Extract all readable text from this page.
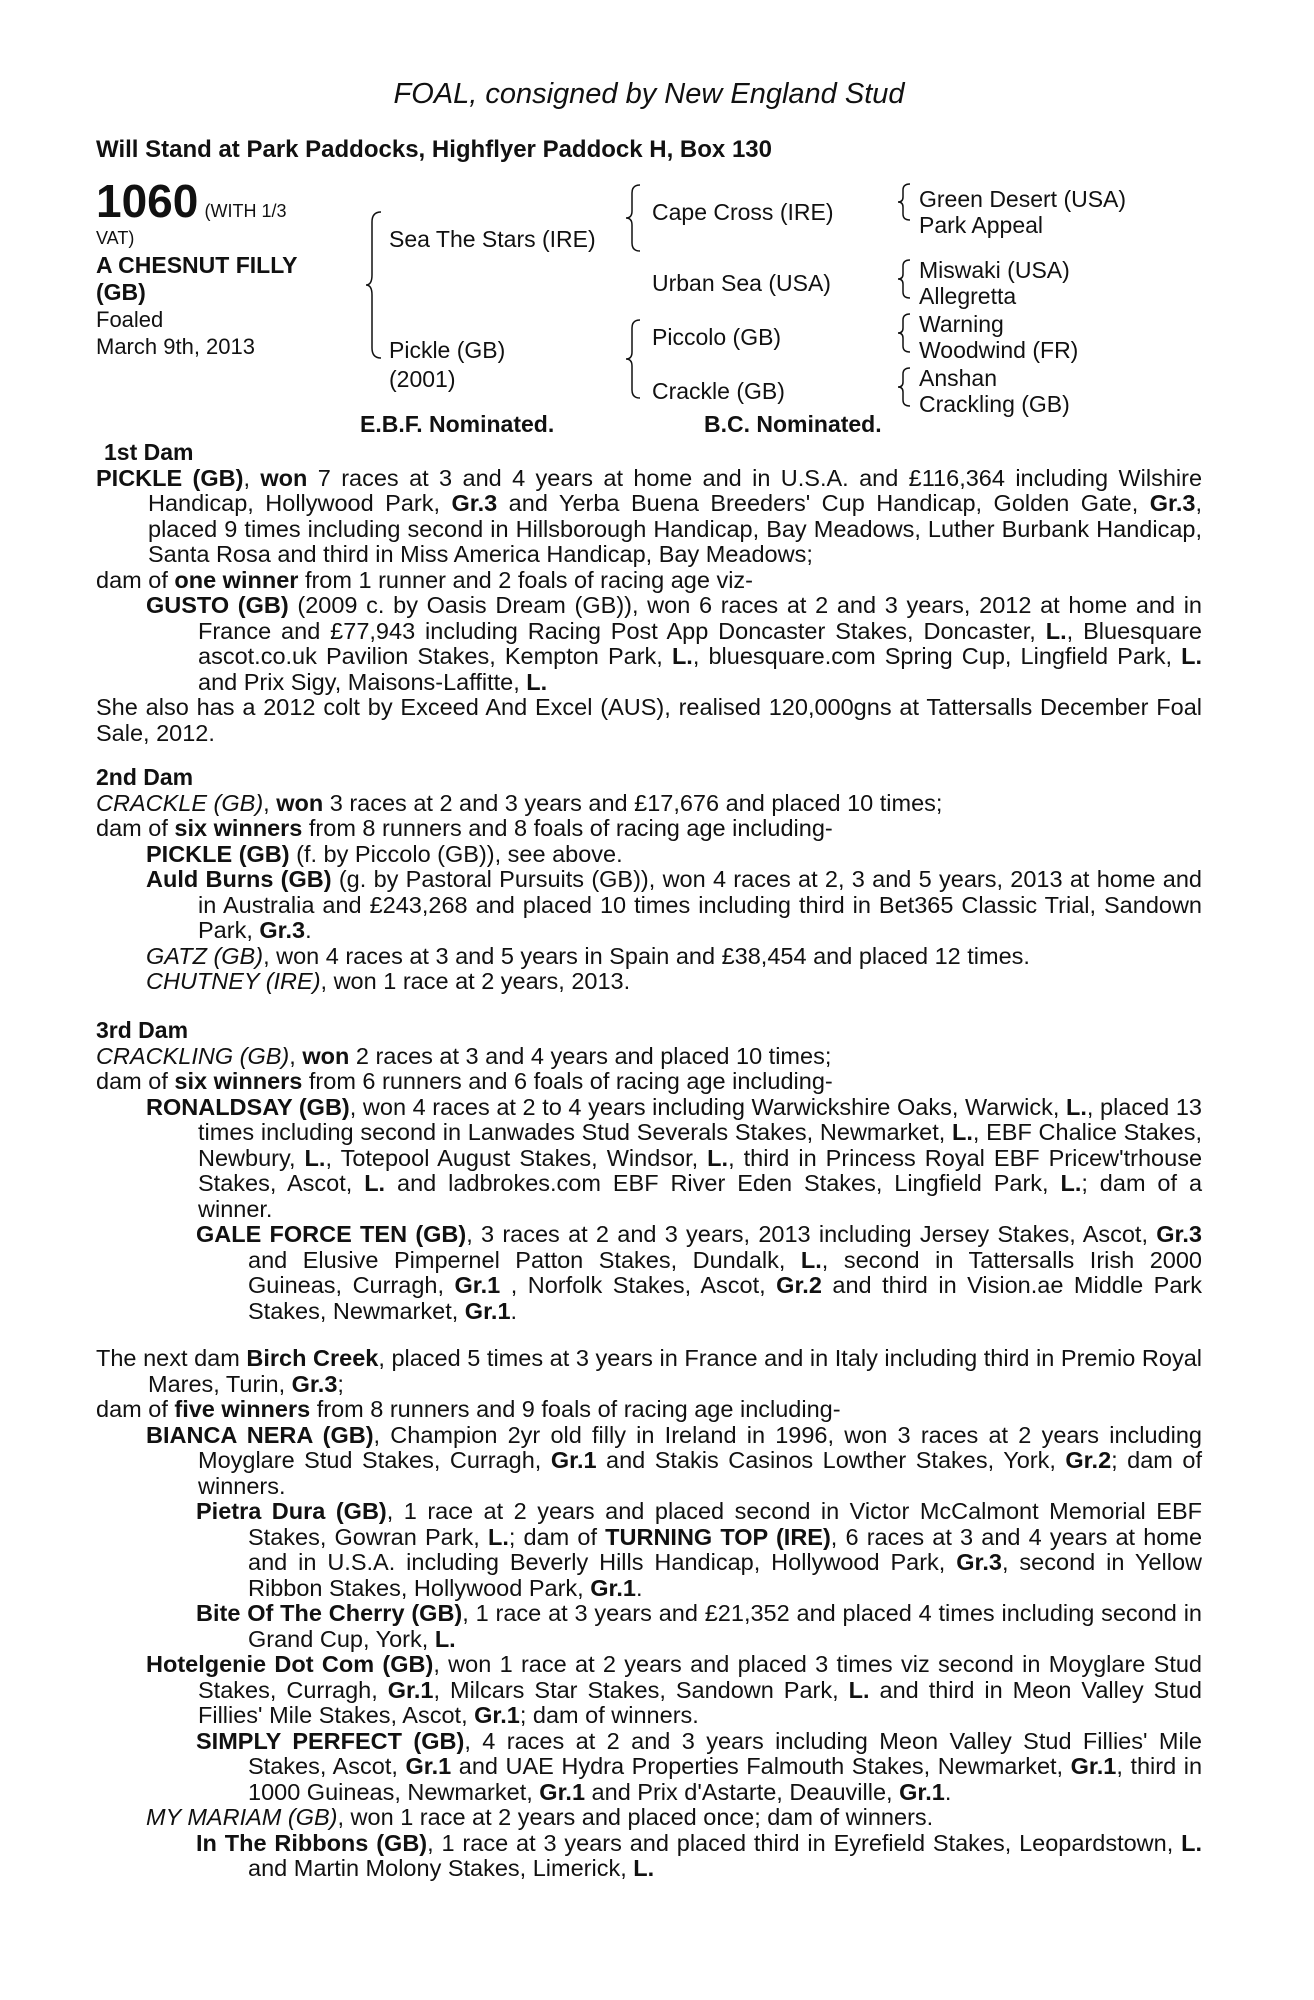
FOAL, consigned by New England Stud
Will Stand at Park Paddocks, Highflyer Paddock H, Box 130
1060 (WITH 1/3
VAT)
A CHESNUT FILLY
(GB)
Foaled
March 9th, 2013
Sea The Stars (IRE)
Pickle (GB)
(2001)
Cape Cross (IRE)
Urban Sea (USA)
Piccolo (GB)
Crackle (GB)
Green Desert (USA)
Park Appeal
Miswaki (USA)
Allegretta
Warning
Woodwind (FR)
Anshan
Crackling (GB)
E.B.F. Nominated.	B.C. Nominated.
1st Dam

PICKLE (GB), won 7 races at 3 and 4 years at home and in U.S.A. and £116,364 including Wilshire Handicap, Hollywood Park, Gr.3 and Yerba Buena Breeders' Cup Handicap, Golden Gate, Gr.3, placed 9 times including second in Hillsborough Handicap, Bay Meadows, Luther Burbank Handicap, Santa Rosa and third in Miss America Handicap, Bay Meadows;

dam of one winner from 1 runner and 2 foals of racing age viz-

GUSTO (GB) (2009 c. by Oasis Dream (GB)), won 6 races at 2 and 3 years, 2012 at home and in France and £77,943 including Racing Post App Doncaster Stakes, Doncaster, L., Bluesquare ascot.co.uk Pavilion Stakes, Kempton Park, L., bluesquare.com Spring Cup, Lingfield Park, L. and Prix Sigy, Maisons-Laffitte, L.

She also has a 2012 colt by Exceed And Excel (AUS), realised 120,000gns at Tattersalls December Foal Sale, 2012.

2nd Dam

CRACKLE (GB), won 3 races at 2 and 3 years and £17,676 and placed 10 times;

dam of six winners from 8 runners and 8 foals of racing age including-

PICKLE (GB) (f. by Piccolo (GB)), see above.

Auld Burns (GB) (g. by Pastoral Pursuits (GB)), won 4 races at 2, 3 and 5 years, 2013 at home and in Australia and £243,268 and placed 10 times including third in Bet365 Classic Trial, Sandown Park, Gr.3.

GATZ (GB), won 4 races at 3 and 5 years in Spain and £38,454 and placed 12 times.

CHUTNEY (IRE), won 1 race at 2 years, 2013.

3rd Dam

CRACKLING (GB), won 2 races at 3 and 4 years and placed 10 times;

dam of six winners from 6 runners and 6 foals of racing age including-

RONALDSAY (GB), won 4 races at 2 to 4 years including Warwickshire Oaks, Warwick, L., placed 13 times including second in Lanwades Stud Severals Stakes, Newmarket, L., EBF Chalice Stakes, Newbury, L., Totepool August Stakes, Windsor, L., third in Princess Royal EBF Pricew'trhouse Stakes, Ascot, L. and ladbrokes.com EBF River Eden Stakes, Lingfield Park, L.; dam of a winner.

GALE FORCE TEN (GB), 3 races at 2 and 3 years, 2013 including Jersey Stakes, Ascot, Gr.3 and Elusive Pimpernel Patton Stakes, Dundalk, L., second in Tattersalls Irish 2000 Guineas, Curragh, Gr.1 , Norfolk Stakes, Ascot, Gr.2 and third in Vision.ae Middle Park Stakes, Newmarket, Gr.1.

The next dam Birch Creek, placed 5 times at 3 years in France and in Italy including third in Premio Royal Mares, Turin, Gr.3;

dam of five winners from 8 runners and 9 foals of racing age including-

BIANCA NERA (GB), Champion 2yr old filly in Ireland in 1996, won 3 races at 2 years including Moyglare Stud Stakes, Curragh, Gr.1 and Stakis Casinos Lowther Stakes, York, Gr.2; dam of winners.

Pietra Dura (GB), 1 race at 2 years and placed second in Victor McCalmont Memorial EBF Stakes, Gowran Park, L.; dam of TURNING TOP (IRE), 6 races at 3 and 4 years at home and in U.S.A. including Beverly Hills Handicap, Hollywood Park, Gr.3, second in Yellow Ribbon Stakes, Hollywood Park, Gr.1.

Bite Of The Cherry (GB), 1 race at 3 years and £21,352 and placed 4 times including second in Grand Cup, York, L.

Hotelgenie Dot Com (GB), won 1 race at 2 years and placed 3 times viz second in Moyglare Stud Stakes, Curragh, Gr.1, Milcars Star Stakes, Sandown Park, L. and third in Meon Valley Stud Fillies' Mile Stakes, Ascot, Gr.1; dam of winners.

SIMPLY PERFECT (GB), 4 races at 2 and 3 years including Meon Valley Stud Fillies' Mile Stakes, Ascot, Gr.1 and UAE Hydra Properties Falmouth Stakes, Newmarket, Gr.1, third in 1000 Guineas, Newmarket, Gr.1 and Prix d'Astarte, Deauville, Gr.1.

MY MARIAM (GB), won 1 race at 2 years and placed once; dam of winners.

In The Ribbons (GB), 1 race at 3 years and placed third in Eyrefield Stakes, Leopardstown, L. and Martin Molony Stakes, Limerick, L.
